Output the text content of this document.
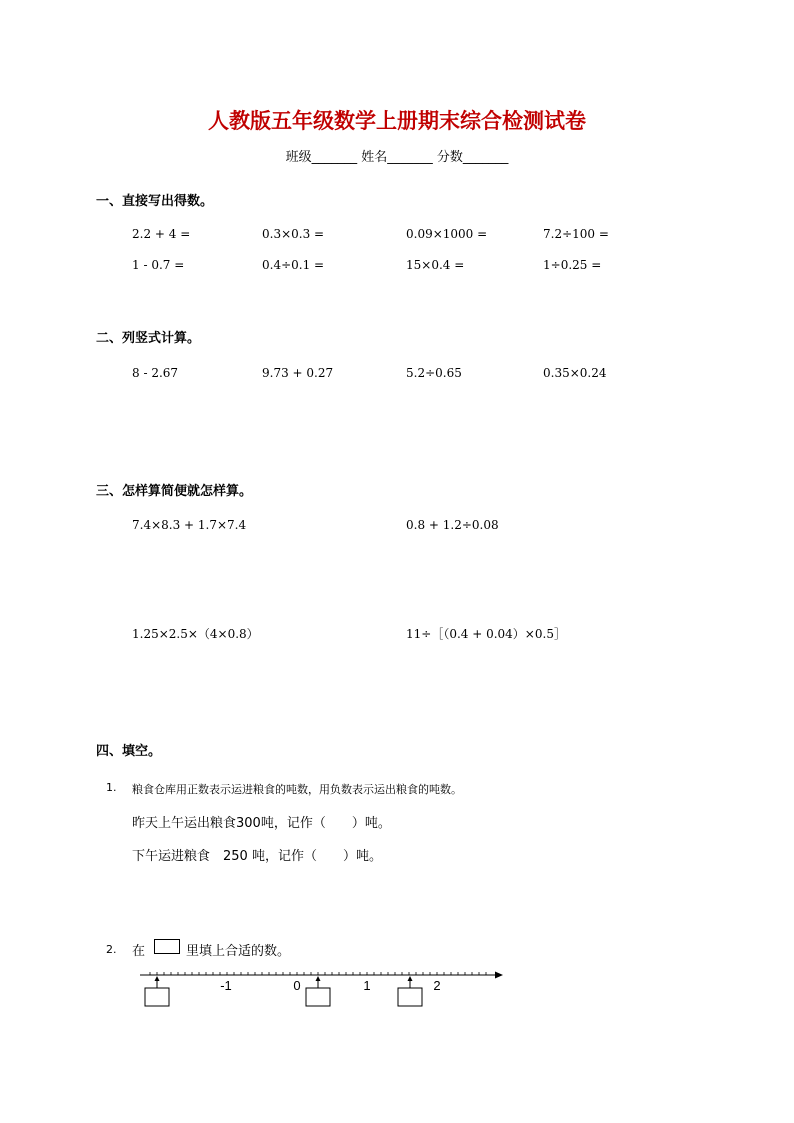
人教版五年级数学上册期末综合检测试卷
班级_______ 姓名_______ 分数_______
一、直接写出得数。
2.2 + 4 =	0.3×0.3 =	0.09×1000 =	7.2÷100 =
1 - 0.7 =	0.4÷0.1 =	15×0.4 =	1÷0.25 =
二、列竖式计算。
8 - 2.67	9.73 + 0.27	5.2÷0.65	0.35×0.24
三、怎样算简便就怎样算。
7.4×8.3 + 1.7×7.4	0.8 + 1.2÷0.08
1.25×2.5×（4×0.8）	11÷［（0.4 + 0.04）×0.5］
四、填空。
1. 粮食仓库用正数表示运进粮食的吨数，用负数表示运出粮食的吨数。
昨天上午运出粮食300吨，记作（　　）吨。
下午运进粮食　250 吨，记作（　　）吨。
2. 在	里填上合适的数。
-1	0	1	2
